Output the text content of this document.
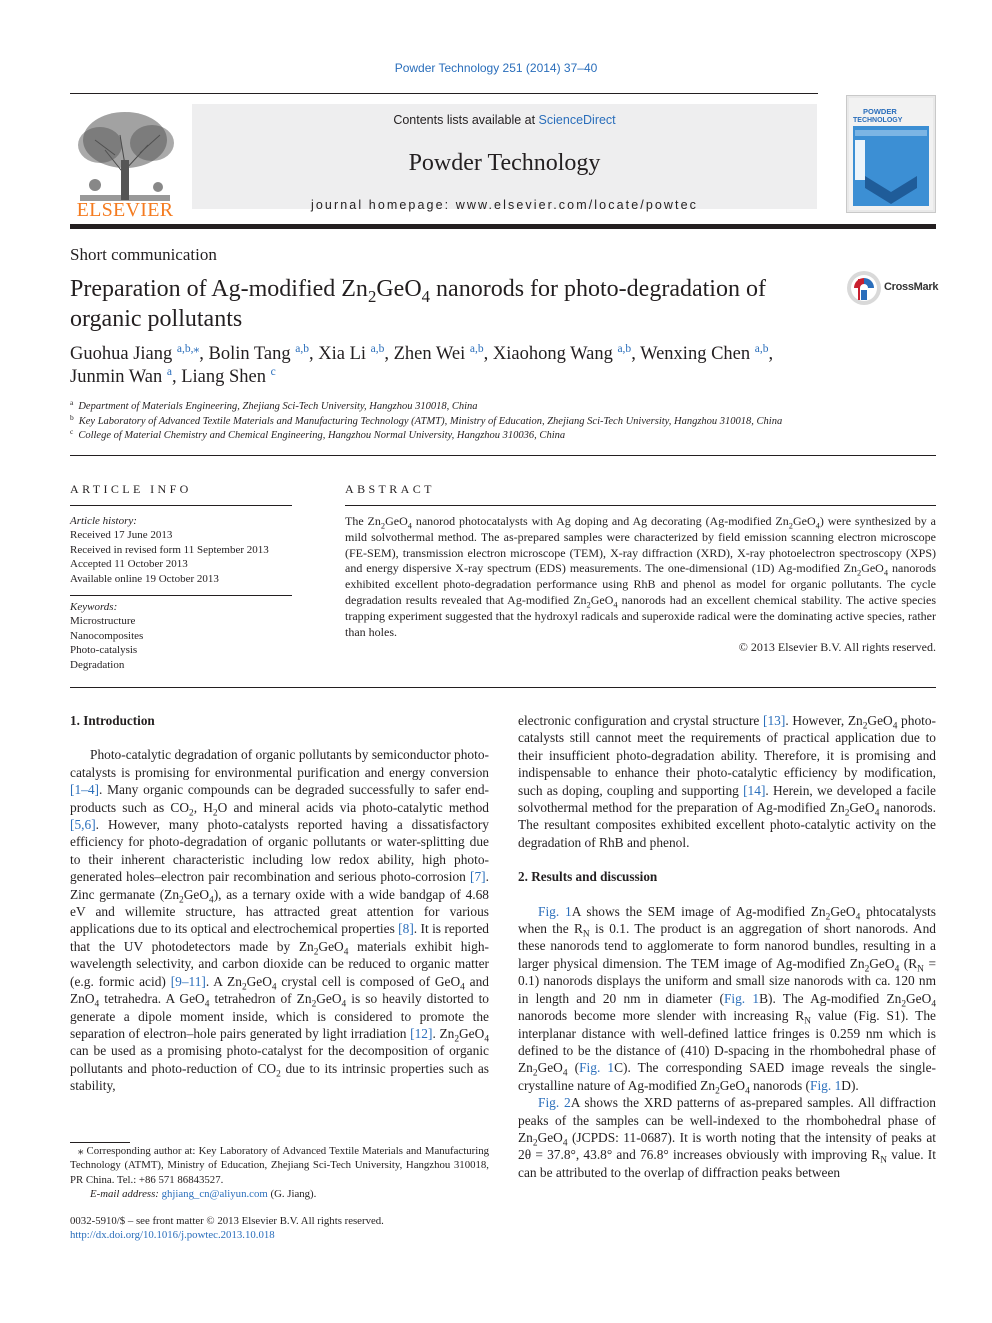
Powder Technology 251 (2014) 37–40
ELSEVIER
Contents lists available at ScienceDirect
Powder Technology
journal homepage: www.elsevier.com/locate/powtec
POWDER
TECHNOLOGY
Short communication
Preparation of Ag-modified $Zn_2GeO_4$ nanorods for photo-degradation of organic pollutants
CrossMark
Guohua Jiang $^{a,b,⁎}$, Bolin Tang $^{a,b}$, Xia Li $^{a,b}$, Zhen Wei $^{a,b}$, Xiaohong Wang $^{a,b}$, Wenxing Chen $^{a,b}$,
Junmin Wan $^a$, Liang Shen $^c$
$^a$ Department of Materials Engineering, Zhejiang Sci-Tech University, Hangzhou 310018, China
$^b$ Key Laboratory of Advanced Textile Materials and Manufacturing Technology (ATMT), Ministry of Education, Zhejiang Sci-Tech University, Hangzhou 310018, China
$^c$ College of Material Chemistry and Chemical Engineering, Hangzhou Normal University, Hangzhou 310036, China
ARTICLE INFO	ABSTRACT
Article history:
Received 17 June 2013
Received in revised form 11 September 2013
Accepted 11 October 2013
Available online 19 October 2013
Keywords:
Microstructure
Nanocomposites
Photo-catalysis
Degradation
The $Zn_2GeO_4$ nanorod photocatalysts with Ag doping and Ag decorating (Ag-modified $Zn_2GeO_4$) were synthesized by a mild solvothermal method. The as-prepared samples were characterized by field emission scanning electron microscope (FE-SEM), transmission electron microscope (TEM), X-ray diffraction (XRD), X-ray photoelectron spectroscopy (XPS) and energy dispersive X-ray spectrum (EDS) measurements. The one-dimensional (1D) Ag-modified $Zn_2GeO_4$ nanorods exhibited excellent photo-degradation performance using RhB and phenol as model for organic pollutants. The cycle degradation results revealed that Ag-modified $Zn_2GeO_4$ nanorods had an excellent chemical stability. The active species trapping experiment suggested that the hydroxyl radicals and superoxide radical were the dominating active species, rather than holes.
© 2013 Elsevier B.V. All rights reserved.
1. Introduction

Photo-catalytic degradation of organic pollutants by semiconductor photo-catalysts is promising for environmental purification and energy conversion [1–4]. Many organic compounds can be degraded successfully to safer end-products such as $CO_2$, $H_2O$ and mineral acids via photo-catalytic method [5,6]. However, many photo-catalysts reported having a dissatisfactory efficiency for photo-degradation of organic pollutants or water-splitting due to their inherent characteristic including low redox ability, high photo-generated holes–electron pair recombination and serious photo-corrosion [7]. Zinc germanate $(Zn_2GeO_4)$, as a ternary oxide with a wide bandgap of 4.68 eV and willemite structure, has attracted great attention for various applications due to its optical and electrochemical properties [8]. It is reported that the UV photodetectors made by $Zn_2GeO_4$ materials exhibit high-wavelength selectivity, and carbon dioxide can be reduced to organic matter (e.g. formic acid) [9–11]. A $Zn_2GeO_4$ crystal cell is composed of GeO$_4$ and ZnO$_4$ tetrahedra. A GeO$_4$ tetrahedron of $Zn_2GeO_4$ is so heavily distorted to generate a dipole moment inside, which is considered to promote the separation of electron–hole pairs generated by light irradiation [12]. $Zn_2GeO_4$ can be used as a promising photo-catalyst for the decomposition of organic pollutants and photo-reduction of $CO_2$ due to its intrinsic properties such as stability,

electronic configuration and crystal structure [13]. However, $Zn_2GeO_4$ photo-catalysts still cannot meet the requirements of practical application due to their insufficient photo-degradation ability. Therefore, it is promising and indispensable to enhance their photo-catalytic efficiency by modification, such as doping, coupling and supporting [14]. Herein, we developed a facile solvothermal method for the preparation of Ag-modified $Zn_2GeO_4$ nanorods. The resultant composites exhibited excellent photo-catalytic activity on the degradation of RhB and phenol.

2. Results and discussion

Fig. 1A shows the SEM image of Ag-modified $Zn_2GeO_4$ phtocatalysts when the $R_N$ is 0.1. The product is an aggregation of short nanorods. And these nanorods tend to agglomerate to form nanorod bundles, resulting in a larger physical dimension. The TEM image of Ag-modified $Zn_2GeO_4$ $(R_N = 0.1)$ nanorods displays the uniform and small size nanorods with ca. 120 nm in length and 20 nm in diameter (Fig. 1B). The Ag-modified $Zn_2GeO_4$ nanorods become more slender with increasing $R_N$ value (Fig. S1). The interplanar distance with well-defined lattice fringes is 0.259 nm which is defined to be the distance of (410) D-spacing in the rhombohedral phase of $Zn_2GeO_4$ (Fig. 1C). The corresponding SAED image reveals the single-crystalline nature of Ag-modified $Zn_2GeO_4$ nanorods (Fig. 1D).

Fig. 2A shows the XRD patterns of as-prepared samples. All diffraction peaks of the samples can be well-indexed to the rhombohedral phase of $Zn_2GeO_4$ (JCPDS: 11-0687). It is worth noting that the intensity of peaks at 2θ = 37.8°, 43.8° and 76.8° increases obviously with improving $R_N$ value. It can be attributed to the overlap of diffraction peaks between

⁎ Corresponding author at: Key Laboratory of Advanced Textile Materials and Manufacturing Technology (ATMT), Ministry of Education, Zhejiang Sci-Tech University, Hangzhou 310018, PR China. Tel.: +86 571 86843527.
E-mail address: ghjiang_cn@aliyun.com (G. Jiang).
0032-5910/$ – see front matter © 2013 Elsevier B.V. All rights reserved.
http://dx.doi.org/10.1016/j.powtec.2013.10.018
